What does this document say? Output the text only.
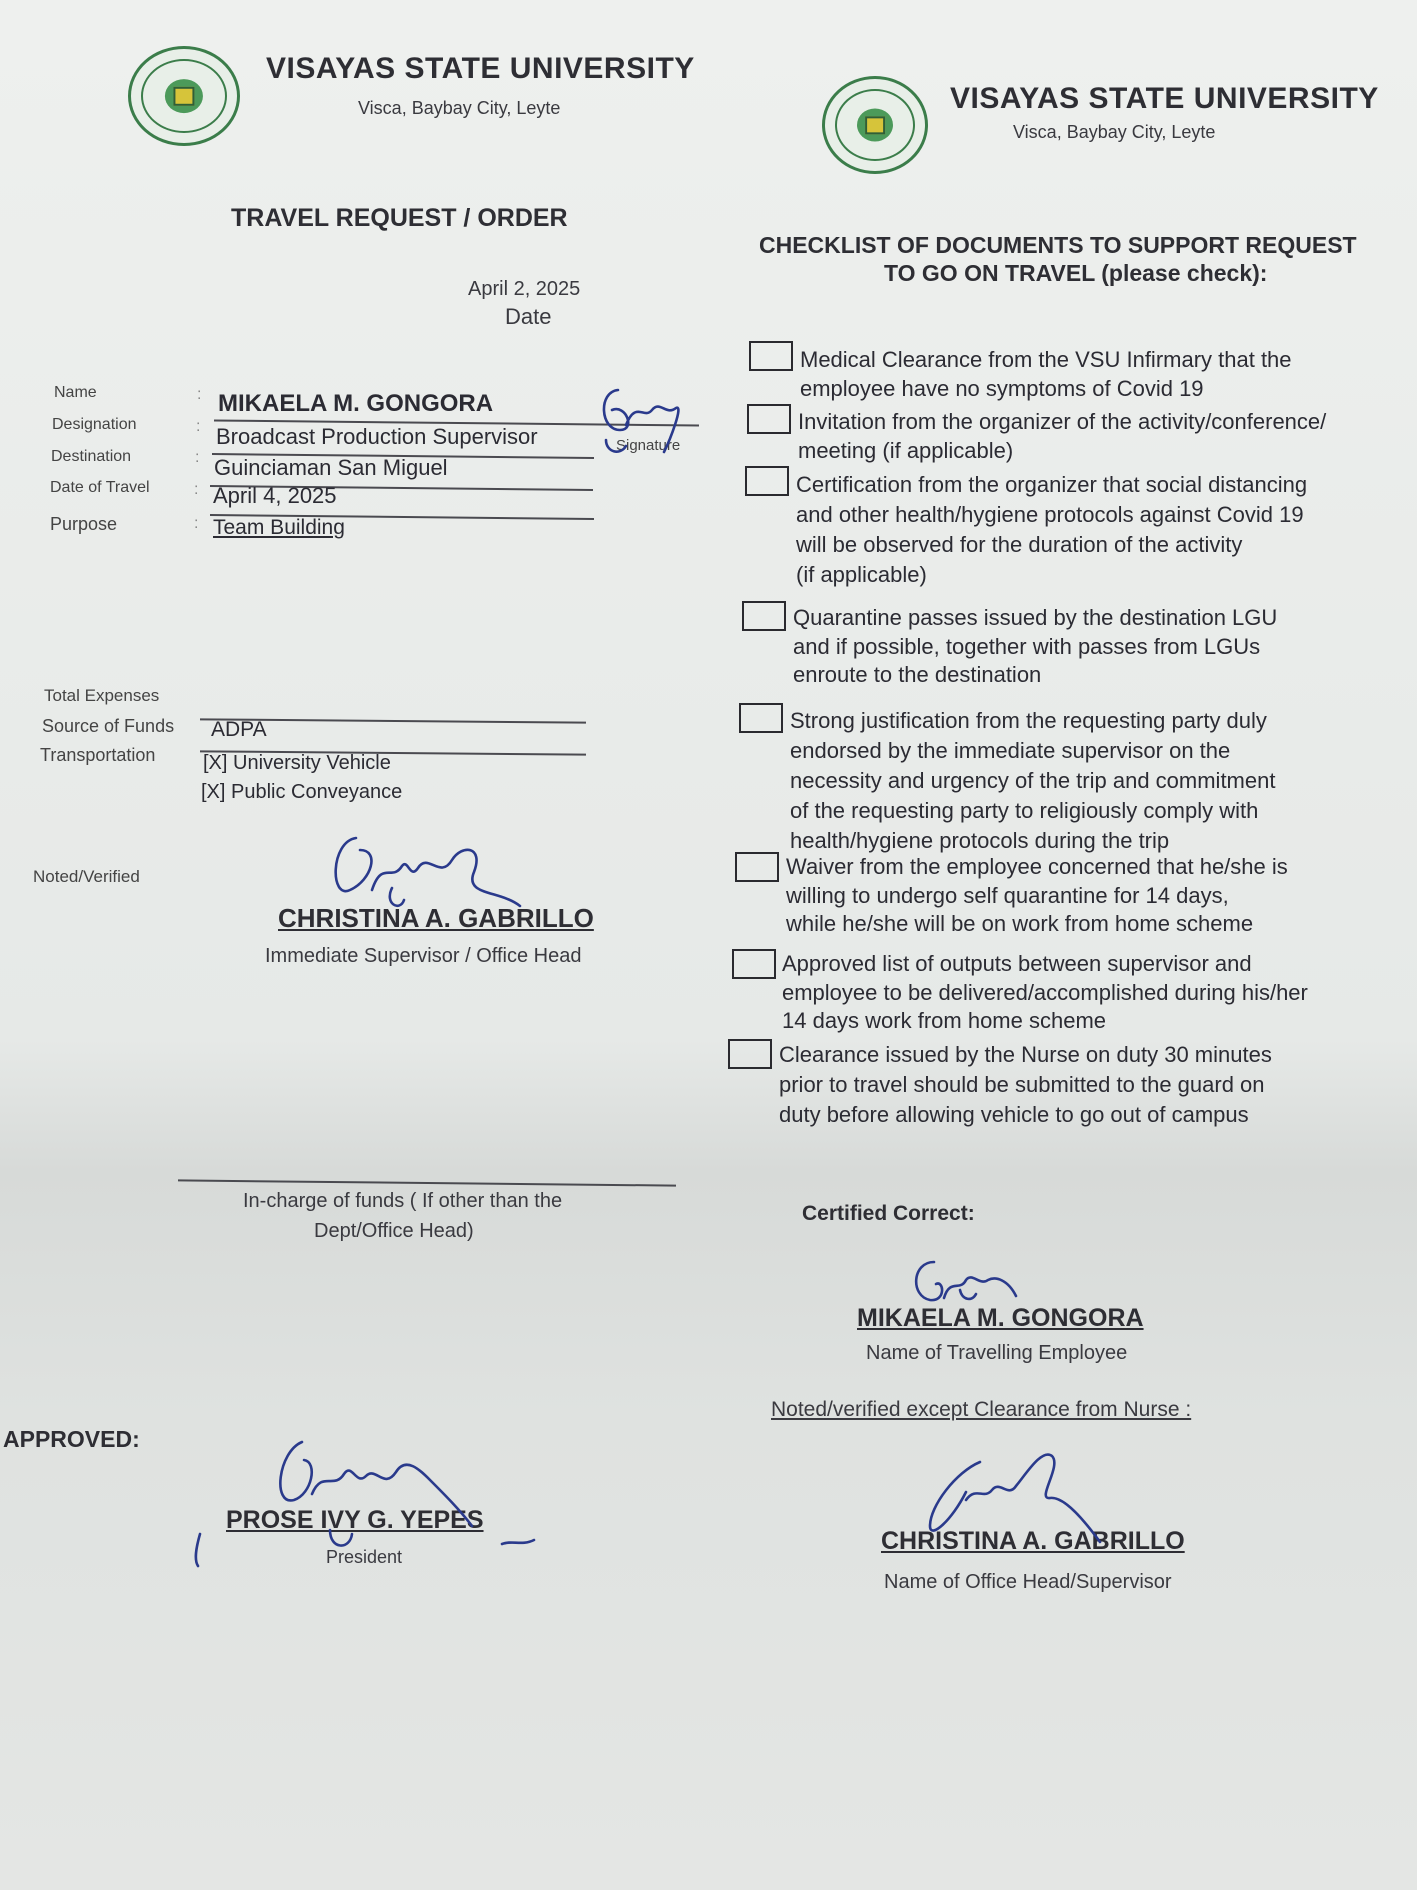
VISAYAS STATE UNIVERSITY
Visca, Baybay City, Leyte
TRAVEL REQUEST / ORDER
April 2, 2025
Date
Name
Designation
Destination
Date of Travel
Purpose
:
:
:
:
:
MIKAELA M. GONGORA
Broadcast Production Supervisor	Signature
Guinciaman San Miguel
April 4, 2025
Team Building
Total Expenses
Source of Funds ADPA
Transportation [X] University Vehicle
[X] Public Conveyance
Noted/Verified
CHRISTINA A. GABRILLO
Immediate Supervisor / Office Head
In-charge of funds ( If other than the
Dept/Office Head)
APPROVED:
PROSE IVY G. YEPES
President
VISAYAS STATE UNIVERSITY
Visca, Baybay City, Leyte
CHECKLIST OF DOCUMENTS TO SUPPORT REQUEST
TO GO ON TRAVEL (please check):
Medical Clearance from the VSU Infirmary that the
employee have no symptoms of Covid 19
Invitation from the organizer of the activity/conference/
meeting (if applicable)
Certification from the organizer that social distancing
and other health/hygiene protocols against Covid 19
will be observed for the duration of the activity
(if applicable)
Quarantine passes issued by the destination LGU
and if possible, together with passes from LGUs
enroute to the destination
Strong justification from the requesting party duly
endorsed by the immediate supervisor on the
necessity and urgency of the trip and commitment
of the requesting party to religiously comply with
health/hygiene protocols during the trip
Waiver from the employee concerned that he/she is
willing to undergo self quarantine for 14 days,
while he/she will be on work from home scheme
Approved list of outputs between supervisor and
employee to be delivered/accomplished during his/her
14 days work from home scheme
Clearance issued by the Nurse on duty 30 minutes
prior to travel should be submitted to the guard on
duty before allowing vehicle to go out of campus
Certified Correct:
MIKAELA M. GONGORA
Name of Travelling Employee
Noted/verified except Clearance from Nurse :
CHRISTINA A. GABRILLO
Name of Office Head/Supervisor
